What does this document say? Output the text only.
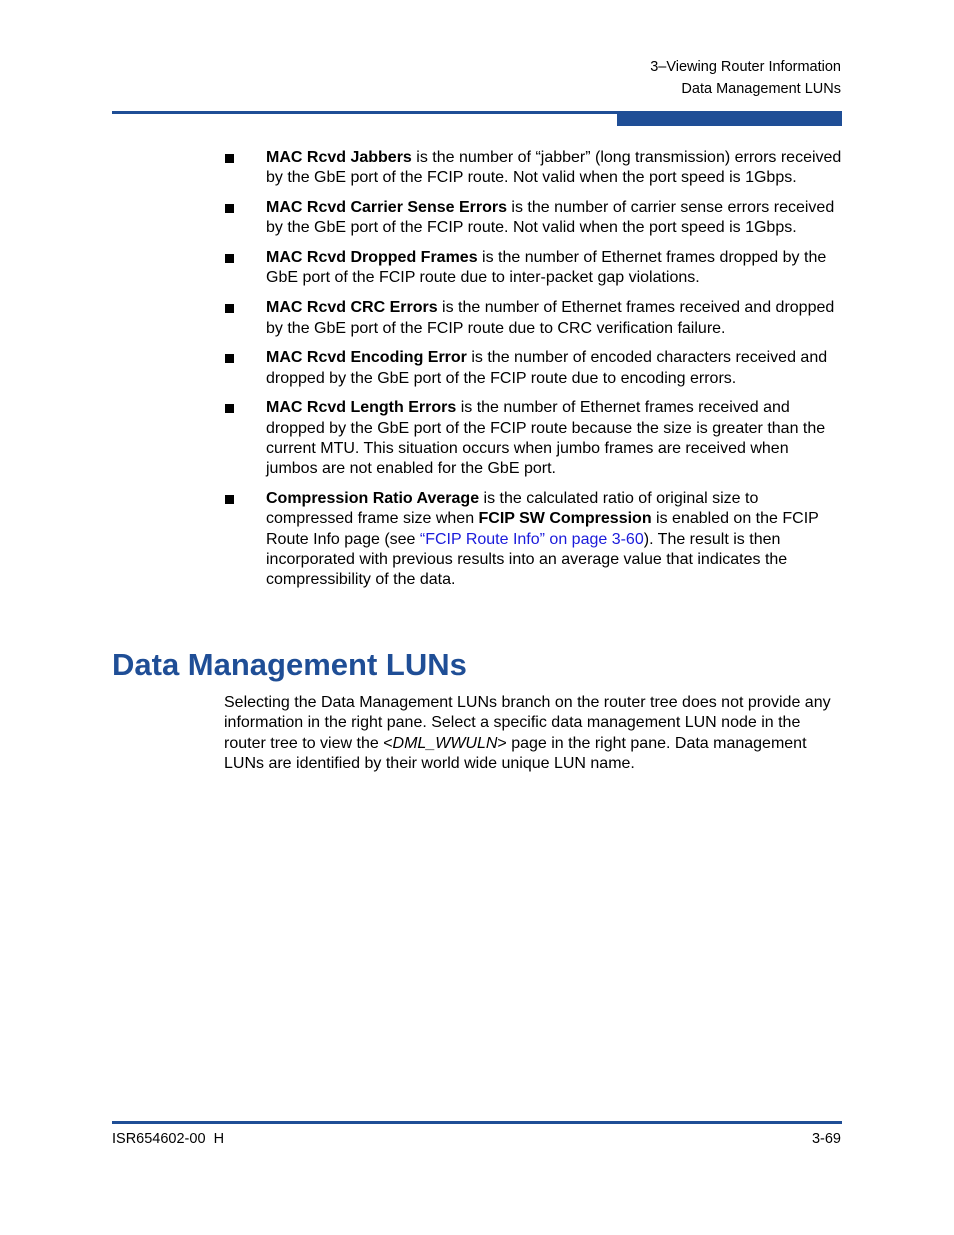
3–Viewing Router Information
Data Management LUNs
MAC Rcvd Jabbers is the number of “jabber” (long transmission) errors received by the GbE port of the FCIP route. Not valid when the port speed is 1Gbps.
MAC Rcvd Carrier Sense Errors is the number of carrier sense errors received by the GbE port of the FCIP route. Not valid when the port speed is 1Gbps.
MAC Rcvd Dropped Frames is the number of Ethernet frames dropped by the GbE port of the FCIP route due to inter-packet gap violations.
MAC Rcvd CRC Errors is the number of Ethernet frames received and dropped by the GbE port of the FCIP route due to CRC verification failure.
MAC Rcvd Encoding Error is the number of encoded characters received and dropped by the GbE port of the FCIP route due to encoding errors.
MAC Rcvd Length Errors is the number of Ethernet frames received and dropped by the GbE port of the FCIP route because the size is greater than the current MTU. This situation occurs when jumbo frames are received when jumbos are not enabled for the GbE port.
Compression Ratio Average is the calculated ratio of original size to compressed frame size when FCIP SW Compression is enabled on the FCIP Route Info page (see “FCIP Route Info” on page 3-60). The result is then incorporated with previous results into an average value that indicates the compressibility of the data.
Data Management LUNs

Selecting the Data Management LUNs branch on the router tree does not provide any information in the right pane. Select a specific data management LUN node in the router tree to view the <DML_WWULN> page in the right pane. Data management LUNs are identified by their world wide unique LUN name.

ISR654602-00  H	3-69
